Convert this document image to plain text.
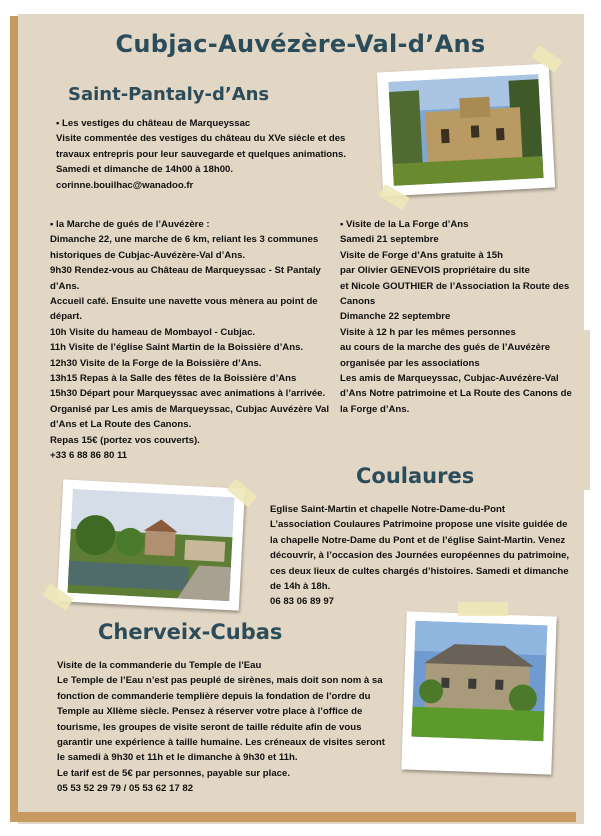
Cubjac-Auvézère-Val-d’Ans
Saint-Pantaly-d’Ans
• Les vestiges du château de Marqueyssac
Visite commentée des vestiges du château du XVe siècle et des
travaux entrepris pour leur sauvegarde et quelques animations.
Samedi et dimanche de 14h00 à 18h00.
corinne.bouilhac@wanadoo.fr
• la Marche de gués de l’Auvézère :
Dimanche 22, une marche de 6 km, reliant les 3 communes
historiques de Cubjac-Auvézère-Val d’Ans.
9h30 Rendez-vous au Château de Marqueyssac - St Pantaly
d’Ans.
Accueil café. Ensuite une navette vous mènera au point de
départ.
10h Visite du hameau de Mombayol - Cubjac.
11h Visite de l’église Saint Martin de la Boissière d’Ans.
12h30 Visite de la Forge de la Boissière d’Ans.
13h15 Repas à la Salle des fêtes de la Boissière d’Ans
15h30 Départ pour Marqueyssac avec animations à l’arrivée.
Organisé par Les amis de Marqueyssac, Cubjac Auvézère Val
d’Ans et La Route des Canons.
Repas 15€ (portez vos couverts).
+33 6 88 86 80 11
• Visite de la La Forge d’Ans
Samedi 21 septembre
Visite de Forge d’Ans gratuite à 15h
par Olivier GENEVOIS propriétaire du site
et Nicole GOUTHIER de l’Association la Route des
Canons
Dimanche 22 septembre
Visite à 12 h par les mêmes personnes
au cours de la marche des gués de l’Auvézère
organisée par les associations
Les amis de Marqueyssac, Cubjac-Auvézère-Val
d’Ans Notre patrimoine et La Route des Canons de
la Forge d’Ans.
Coulaures
Eglise Saint-Martin et chapelle Notre-Dame-du-Pont
L’association Coulaures Patrimoine propose une visite guidée de
la chapelle Notre-Dame du Pont et de l’église Saint-Martin. Venez
découvrir, à l’occasion des Journées européennes du patrimoine,
ces deux lieux de cultes chargés d’histoires. Samedi et dimanche
de 14h à 18h.
06 83 06 89 97
Cherveix-Cubas
Visite de la commanderie du Temple de l’Eau
Le Temple de l’Eau n’est pas peuplé de sirènes, mais doit son nom à sa
fonction de commanderie templière depuis la fondation de l’ordre du
Temple au XIIème siècle. Pensez à réserver votre place à l’office de
tourisme, les groupes de visite seront de taille réduite afin de vous
garantir une expérience à taille humaine. Les créneaux de visites seront
le samedi à 9h30 et 11h et le dimanche à 9h30 et 11h.
Le tarif est de 5€ par personnes, payable sur place.
05 53 52 29 79 / 05 53 62 17 82
